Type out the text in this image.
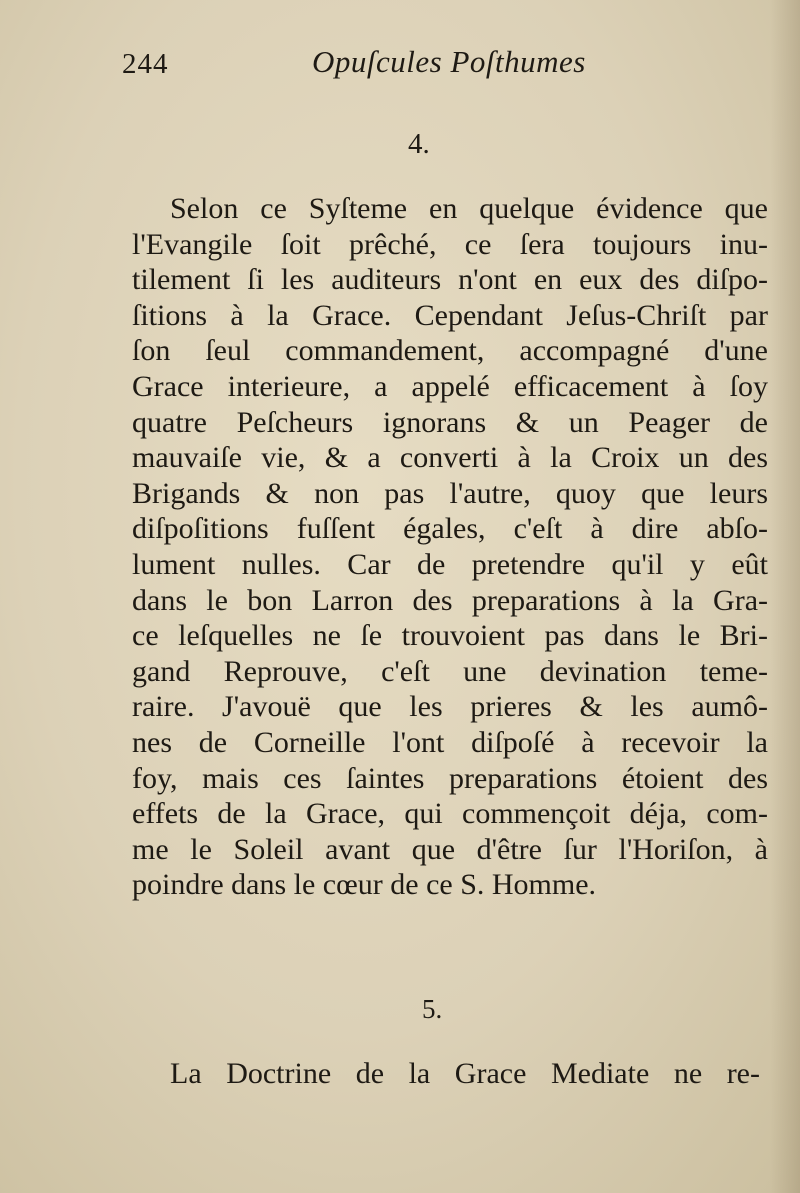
244	Opuſcules Poſthumes
4.
Selon ce Syſteme en quelque évidence que
l'Evangile ſoit prêché, ce ſera toujours inu-
tilement ſi les auditeurs n'ont en eux des diſpo-
ſitions à la Grace. Cependant Jeſus-Chriſt par
ſon ſeul commandement, accompagné d'une
Grace interieure, a appelé efficacement à ſoy
quatre Peſcheurs ignorans & un Peager de
mauvaiſe vie, & a converti à la Croix un des
Brigands & non pas l'autre, quoy que leurs
diſpoſitions fuſſent égales, c'eſt à dire abſo-
lument nulles. Car de pretendre qu'il y eût
dans le bon Larron des preparations à la Gra-
ce leſquelles ne ſe trouvoient pas dans le Bri-
gand Reprouve, c'eſt une devination teme-
raire. J'avouë que les prieres & les aumô-
nes de Corneille l'ont diſpoſé à recevoir la
foy, mais ces ſaintes preparations étoient des
effets de la Grace, qui commençoit déja, com-
me le Soleil avant que d'être ſur l'Horiſon, à
poindre dans le cœur de ce S. Homme.
5.
La Doctrine de la Grace Mediate ne re-
